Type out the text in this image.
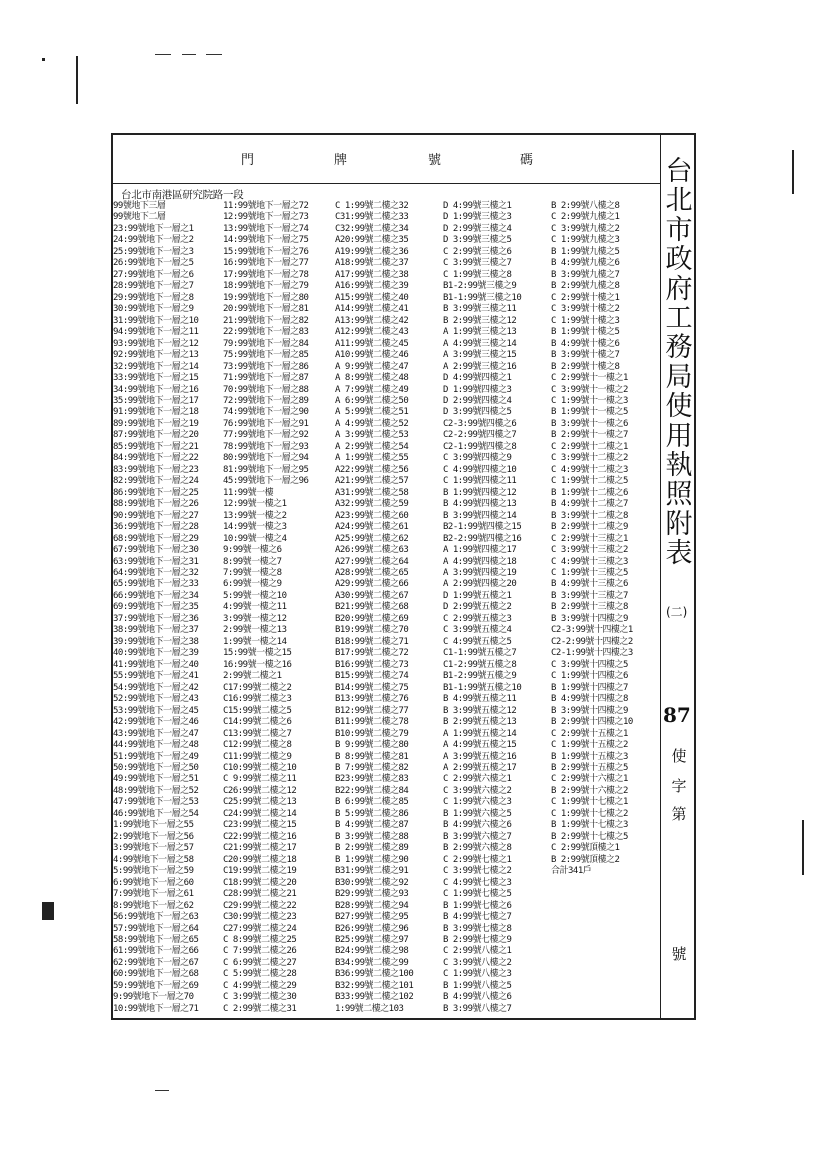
門	牌	號	碼
台北市南港區研究院路一段
99號地下三層
99號地下二層
23:99號地下一層之1
24:99號地下一層之2
25:99號地下一層之3
26:99號地下一層之5
27:99號地下一層之6
28:99號地下一層之7
29:99號地下一層之8
30:99號地下一層之9
31:99號地下一層之10
94:99號地下一層之11
93:99號地下一層之12
92:99號地下一層之13
32:99號地下一層之14
33:99號地下一層之15
34:99號地下一層之16
35:99號地下一層之17
91:99號地下一層之18
89:99號地下一層之19
87:99號地下一層之20
85:99號地下一層之21
84:99號地下一層之22
83:99號地下一層之23
82:99號地下一層之24
86:99號地下一層之25
88:99號地下一層之26
90:99號地下一層之27
36:99號地下一層之28
68:99號地下一層之29
67:99號地下一層之30
63:99號地下一層之31
64:99號地下一層之32
65:99號地下一層之33
66:99號地下一層之34
69:99號地下一層之35
37:99號地下一層之36
38:99號地下一層之37
39:99號地下一層之38
40:99號地下一層之39
41:99號地下一層之40
55:99號地下一層之41
54:99號地下一層之42
52:99號地下一層之43
53:99號地下一層之45
42:99號地下一層之46
43:99號地下一層之47
44:99號地下一層之48
51:99號地下一層之49
50:99號地下一層之50
49:99號地下一層之51
48:99號地下一層之52
47:99號地下一層之53
46:99號地下一層之54
1:99號地下一層之55
2:99號地下一層之56
3:99號地下一層之57
4:99號地下一層之58
5:99號地下一層之59
6:99號地下一層之60
7:99號地下一層之61
8:99號地下一層之62
56:99號地下一層之63
57:99號地下一層之64
58:99號地下一層之65
61:99號地下一層之66
62:99號地下一層之67
60:99號地下一層之68
59:99號地下一層之69
9:99號地下一層之70
10:99號地下一層之71
11:99號地下一層之72
12:99號地下一層之73
13:99號地下一層之74
14:99號地下一層之75
15:99號地下一層之76
16:99號地下一層之77
17:99號地下一層之78
18:99號地下一層之79
19:99號地下一層之80
20:99號地下一層之81
21:99號地下一層之82
22:99號地下一層之83
79:99號地下一層之84
75:99號地下一層之85
73:99號地下一層之86
71:99號地下一層之87
70:99號地下一層之88
72:99號地下一層之89
74:99號地下一層之90
76:99號地下一層之91
77:99號地下一層之92
78:99號地下一層之93
80:99號地下一層之94
81:99號地下一層之95
45:99號地下一層之96
11:99號一樓
12:99號一樓之1
13:99號一樓之2
14:99號一樓之3
10:99號一樓之4
9:99號一樓之6
8:99號一樓之7
7:99號一樓之8
6:99號一樓之9
5:99號一樓之10
4:99號一樓之11
3:99號一樓之12
2:99號一樓之13
1:99號一樓之14
15:99號一樓之15
16:99號一樓之16
2:99號二樓之1
C17:99號二樓之2
C16:99號二樓之3
C15:99號二樓之5
C14:99號二樓之6
C13:99號二樓之7
C12:99號二樓之8
C11:99號二樓之9
C10:99號二樓之10
C 9:99號二樓之11
C26:99號二樓之12
C25:99號二樓之13
C24:99號二樓之14
C23:99號二樓之15
C22:99號二樓之16
C21:99號二樓之17
C20:99號二樓之18
C19:99號二樓之19
C18:99號二樓之20
C28:99號二樓之21
C29:99號二樓之22
C30:99號二樓之23
C27:99號二樓之24
C 8:99號二樓之25
C 7:99號二樓之26
C 6:99號二樓之27
C 5:99號二樓之28
C 4:99號二樓之29
C 3:99號二樓之30
C 2:99號二樓之31
C 1:99號二樓之32
C31:99號二樓之33
C32:99號二樓之34
A20:99號二樓之35
A19:99號二樓之36
A18:99號二樓之37
A17:99號二樓之38
A16:99號二樓之39
A15:99號二樓之40
A14:99號二樓之41
A13:99號二樓之42
A12:99號二樓之43
A11:99號二樓之45
A10:99號二樓之46
A 9:99號二樓之47
A 8:99號二樓之48
A 7:99號二樓之49
A 6:99號二樓之50
A 5:99號二樓之51
A 4:99號二樓之52
A 3:99號二樓之53
A 2:99號二樓之54
A 1:99號二樓之55
A22:99號二樓之56
A21:99號二樓之57
A31:99號二樓之58
A32:99號二樓之59
A23:99號二樓之60
A24:99號二樓之61
A25:99號二樓之62
A26:99號二樓之63
A27:99號二樓之64
A28:99號二樓之65
A29:99號二樓之66
A30:99號二樓之67
B21:99號二樓之68
B20:99號二樓之69
B19:99號二樓之70
B18:99號二樓之71
B17:99號二樓之72
B16:99號二樓之73
B15:99號二樓之74
B14:99號二樓之75
B13:99號二樓之76
B12:99號二樓之77
B11:99號二樓之78
B10:99號二樓之79
B 9:99號二樓之80
B 8:99號二樓之81
B 7:99號二樓之82
B23:99號二樓之83
B22:99號二樓之84
B 6:99號二樓之85
B 5:99號二樓之86
B 4:99號二樓之87
B 3:99號二樓之88
B 2:99號二樓之89
B 1:99號二樓之90
B31:99號二樓之91
B30:99號二樓之92
B29:99號二樓之93
B28:99號二樓之94
B27:99號二樓之95
B26:99號二樓之96
B25:99號二樓之97
B24:99號二樓之98
B34:99號二樓之99
B36:99號二樓之100
B32:99號二樓之101
B33:99號二樓之102
1:99號二樓之103
D 4:99號三樓之1
D 1:99號三樓之3
D 2:99號三樓之4
D 3:99號三樓之5
C 2:99號三樓之6
C 3:99號三樓之7
C 1:99號三樓之8
B1-2:99號三樓之9
B1-1:99號三樓之10
B 3:99號三樓之11
B 2:99號三樓之12
A 1:99號三樓之13
A 4:99號三樓之14
A 3:99號三樓之15
A 2:99號三樓之16
D 4:99號四樓之1
D 1:99號四樓之3
D 2:99號四樓之4
D 3:99號四樓之5
C2-3:99號四樓之6
C2-2:99號四樓之7
C2-1:99號四樓之8
C 3:99號四樓之9
C 4:99號四樓之10
C 1:99號四樓之11
B 1:99號四樓之12
B 4:99號四樓之13
B 3:99號四樓之14
B2-1:99號四樓之15
B2-2:99號四樓之16
A 1:99號四樓之17
A 4:99號四樓之18
A 3:99號四樓之19
A 2:99號四樓之20
D 1:99號五樓之1
D 2:99號五樓之2
C 2:99號五樓之3
C 3:99號五樓之4
C 4:99號五樓之5
C1-1:99號五樓之7
C1-2:99號五樓之8
B1-2:99號五樓之9
B1-1:99號五樓之10
B 4:99號五樓之11
B 3:99號五樓之12
B 2:99號五樓之13
A 1:99號五樓之14
A 4:99號五樓之15
A 3:99號五樓之16
A 2:99號五樓之17
C 2:99號六樓之1
C 3:99號六樓之2
C 1:99號六樓之3
B 1:99號六樓之5
B 4:99號六樓之6
B 3:99號六樓之7
B 2:99號六樓之8
C 2:99號七樓之1
C 3:99號七樓之2
C 4:99號七樓之3
C 1:99號七樓之5
B 1:99號七樓之6
B 4:99號七樓之7
B 3:99號七樓之8
B 2:99號七樓之9
C 2:99號八樓之1
C 3:99號八樓之2
C 1:99號八樓之3
B 1:99號八樓之5
B 4:99號八樓之6
B 3:99號八樓之7
B 2:99號八樓之8
C 2:99號九樓之1
C 3:99號九樓之2
C 1:99號九樓之3
B 1:99號九樓之5
B 4:99號九樓之6
B 3:99號九樓之7
B 2:99號九樓之8
C 2:99號十樓之1
C 3:99號十樓之2
C 1:99號十樓之3
B 1:99號十樓之5
B 4:99號十樓之6
B 3:99號十樓之7
B 2:99號十樓之8
C 2:99號十一樓之1
C 3:99號十一樓之2
C 1:99號十一樓之3
B 1:99號十一樓之5
B 3:99號十一樓之6
B 2:99號十一樓之7
C 2:99號十二樓之1
C 3:99號十二樓之2
C 4:99號十二樓之3
C 1:99號十二樓之5
B 1:99號十二樓之6
B 4:99號十二樓之7
B 3:99號十二樓之8
B 2:99號十二樓之9
C 2:99號十三樓之1
C 3:99號十三樓之2
C 4:99號十三樓之3
C 1:99號十三樓之5
B 4:99號十三樓之6
B 3:99號十三樓之7
B 2:99號十三樓之8
B 3:99號十四樓之9
C2-3:99號十四樓之1
C2-2:99號十四樓之2
C2-1:99號十四樓之3
C 3:99號十四樓之5
C 1:99號十四樓之6
B 1:99號十四樓之7
B 4:99號十四樓之8
B 3:99號十四樓之9
B 2:99號十四樓之10
C 2:99號十五樓之1
C 1:99號十五樓之2
B 1:99號十五樓之3
B 2:99號十五樓之5
C 2:99號十六樓之1
B 2:99號十六樓之2
C 1:99號十七樓之1
C 1:99號十七樓之2
B 1:99號十七樓之3
B 2:99號十七樓之5
C 2:99號頂樓之1
B 2:99號頂樓之2
合計341戶
台北市政府工務局使用執照附表
(二)
87
使
字
第
號
